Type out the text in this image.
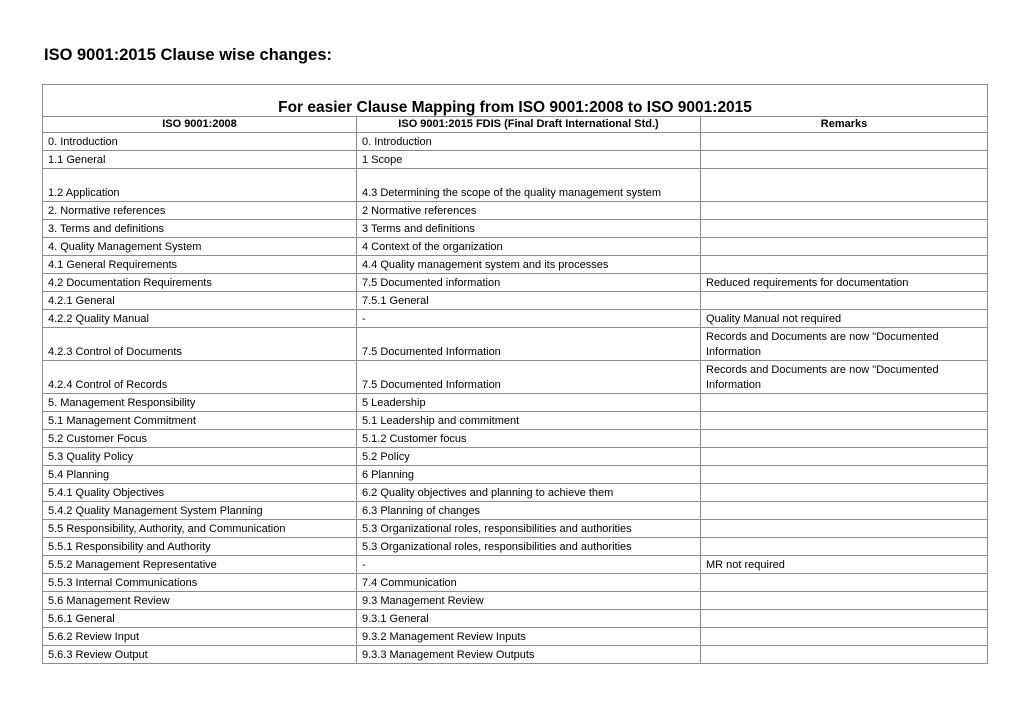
ISO 9001:2015 Clause wise changes:
For easier Clause Mapping from ISO 9001:2008 to ISO 9001:2015		
ISO 9001:2008	ISO 9001:2015 FDIS (Final Draft International Std.)	Remarks
0. Introduction	0. Introduction	
1.1 General	1 Scope	
1.2 Application	4.3 Determining the scope of the quality management system	
2. Normative references	2 Normative references	
3. Terms and definitions	3 Terms and definitions	
4. Quality Management System	4 Context of the organization	
4.1 General Requirements	4.4 Quality management system and its processes	
4.2 Documentation Requirements	7.5 Documented information	Reduced requirements for documentation
4.2.1 General	7.5.1 General	
4.2.2 Quality Manual	-	Quality Manual not required
4.2.3 Control of Documents	7.5 Documented Information	Records and Documents are now "Documented Information
4.2.4 Control of Records	7.5 Documented Information	Records and Documents are now "Documented Information
5. Management Responsibility	5 Leadership	
5.1 Management Commitment	5.1 Leadership and commitment	
5.2 Customer Focus	5.1.2 Customer focus	
5.3 Quality Policy	5.2 Policy	
5.4 Planning	6 Planning	
5.4.1 Quality Objectives	6.2 Quality objectives and planning to achieve them	
5.4.2 Quality Management System Planning	6.3 Planning of changes	
5.5 Responsibility, Authority, and Communication	5.3 Organizational roles, responsibilities and authorities	
5.5.1 Responsibility and Authority	5.3 Organizational roles, responsibilities and authorities	
5.5.2 Management Representative	-	MR not required
5.5.3 Internal Communications	7.4 Communication	
5.6 Management Review	9.3 Management Review	
5.6.1 General	9.3.1 General	
5.6.2 Review Input	9.3.2 Management Review Inputs	
5.6.3 Review Output	9.3.3 Management Review Outputs	
